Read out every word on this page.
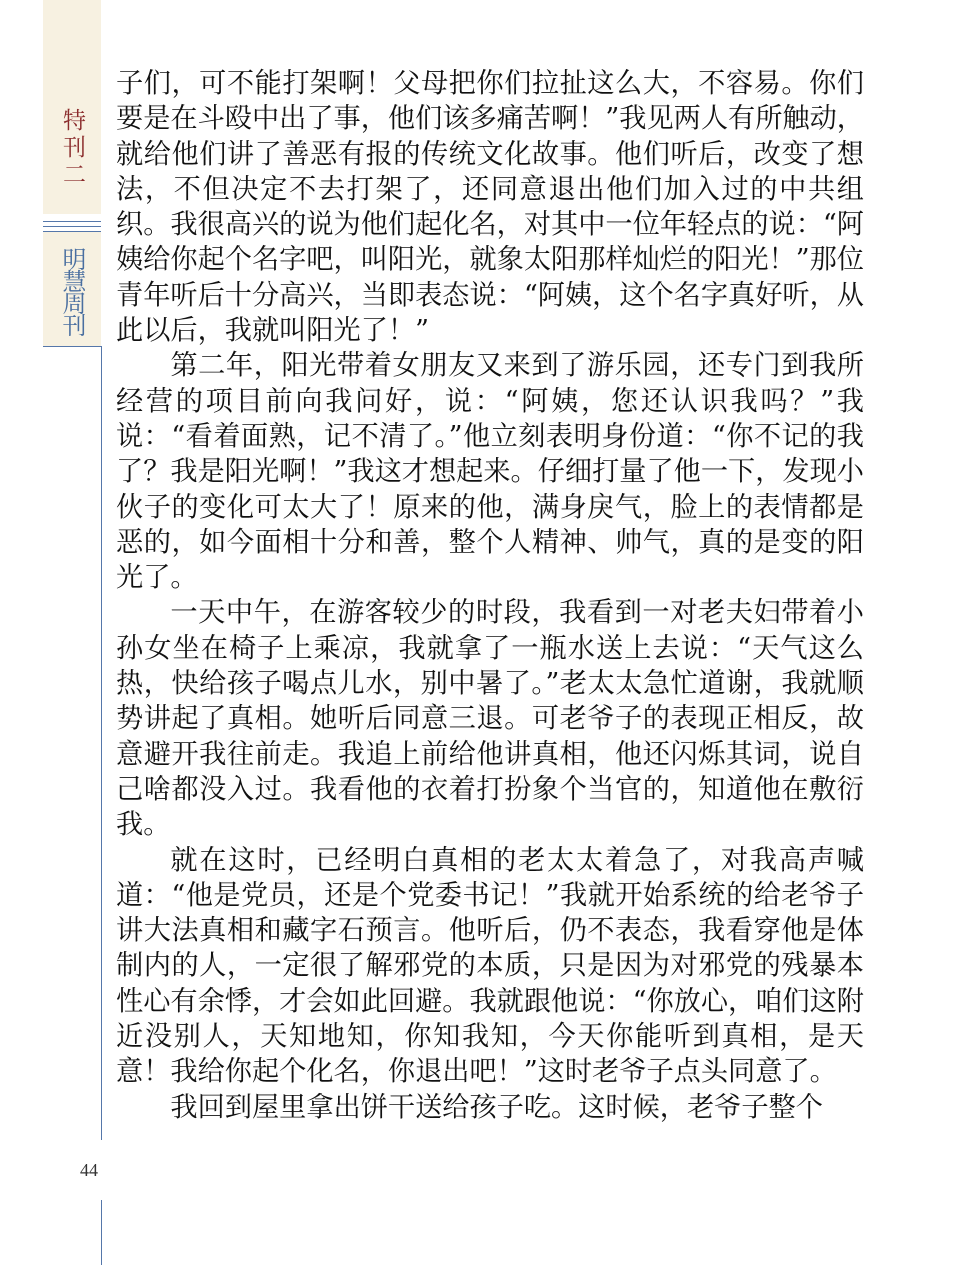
特刊二
明慧周刊
44

子们，可不能打架啊！父母把你们拉扯这么大，不容易。你们要是在斗殴中出了事，他们该多痛苦啊！”我见两人有所触动，就给他们讲了善恶有报的传统文化故事。他们听后，改变了想法，不但决定不去打架了，还同意退出他们加入过的中共组织。我很高兴的说为他们起化名，对其中一位年轻点的说：“阿姨给你起个名字吧，叫阳光，就象太阳那样灿烂的阳光！”那位青年听后十分高兴，当即表态说：“阿姨，这个名字真好听，从此以后，我就叫阳光了！”

第二年，阳光带着女朋友又来到了游乐园，还专门到我所经营的项目前向我问好，说：“阿姨，您还认识我吗？”我说：“看着面熟，记不清了。”他立刻表明身份道：“你不记的我了？我是阳光啊！”我这才想起来。仔细打量了他一下，发现小伙子的变化可太大了！原来的他，满身戾气，脸上的表情都是恶的，如今面相十分和善，整个人精神、帅气，真的是变的阳光了。

一天中午，在游客较少的时段，我看到一对老夫妇带着小孙女坐在椅子上乘凉，我就拿了一瓶水送上去说：“天气这么热，快给孩子喝点儿水，别中暑了。”老太太急忙道谢，我就顺势讲起了真相。她听后同意三退。可老爷子的表现正相反，故意避开我往前走。我追上前给他讲真相，他还闪烁其词，说自己啥都没入过。我看他的衣着打扮象个当官的，知道他在敷衍我。

就在这时，已经明白真相的老太太着急了，对我高声喊道：“他是党员，还是个党委书记！”我就开始系统的给老爷子讲大法真相和藏字石预言。他听后，仍不表态，我看穿他是体制内的人，一定很了解邪党的本质，只是因为对邪党的残暴本性心有余悸，才会如此回避。我就跟他说：“你放心，咱们这附近没别人，天知地知，你知我知，今天你能听到真相，是天意！我给你起个化名，你退出吧！”这时老爷子点头同意了。

我回到屋里拿出饼干送给孩子吃。这时候，老爷子整个
